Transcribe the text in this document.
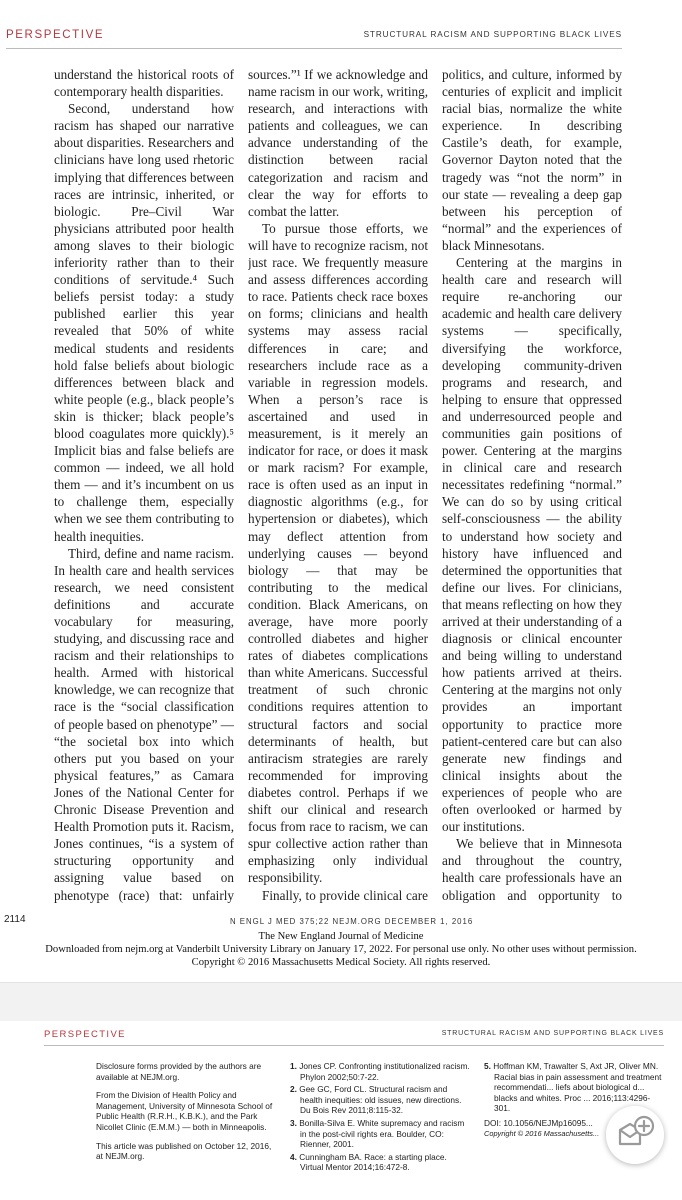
PERSPECTIVE	STRUCTURAL RACISM AND SUPPORTING BLACK LIVES

understand the historical roots of contemporary health disparities.

Second, understand how racism has shaped our narrative about disparities. Researchers and clinicians have long used rhetoric implying that differences between races are intrinsic, inherited, or biologic. Pre–Civil War physicians attributed poor health among slaves to their biologic inferiority rather than to their conditions of servitude.⁴ Such beliefs persist today: a study published earlier this year revealed that 50% of white medical students and residents hold false beliefs about biologic differences between black and white people (e.g., black people’s skin is thicker; black people’s blood coagulates more quickly).⁵ Implicit bias and false beliefs are common — indeed, we all hold them — and it’s incumbent on us to challenge them, especially when we see them contributing to health inequities.

Third, define and name racism. In health care and health services research, we need consistent definitions and accurate vocabulary for measuring, studying, and discussing race and racism and their relationships to health. Armed with historical knowledge, we can recognize that race is the “social classification of people based on phenotype” — “the societal box into which others put you based on your physical features,” as Camara Jones of the National Center for Chronic Disease Prevention and Health Promotion puts it. Racism, Jones continues, “is a system of structuring opportunity and assigning value based on phenotype (race) that: unfairly

sources.”¹ If we acknowledge and name racism in our work, writing, research, and interactions with patients and colleagues, we can advance understanding of the distinction between racial categorization and racism and clear the way for efforts to combat the latter.

To pursue those efforts, we will have to recognize racism, not just race. We frequently measure and assess differences according to race. Patients check race boxes on forms; clinicians and health systems may assess racial differences in care; and researchers include race as a variable in regression models. When a person’s race is ascertained and used in measurement, is it merely an indicator for race, or does it mask or mark racism? For example, race is often used as an input in diagnostic algorithms (e.g., for hypertension or diabetes), which may deflect attention from underlying causes — beyond biology — that may be contributing to the medical condition. Black Americans, on average, have more poorly controlled diabetes and higher rates of diabetes complications than white Americans. Successful treatment of such chronic conditions requires attention to structural factors and social determinants of health, but antiracism strategies are rarely recommended for improving diabetes control. Perhaps if we shift our clinical and research focus from race to racism, we can spur collective action rather than emphasizing only individual responsibility.

Finally, to provide clinical care

politics, and culture, informed by centuries of explicit and implicit racial bias, normalize the white experience. In describing Castile’s death, for example, Governor Dayton noted that the tragedy was “not the norm” in our state — revealing a deep gap between his perception of “normal” and the experiences of black Minnesotans.

Centering at the margins in health care and research will require re-anchoring our academic and health care delivery systems — specifically, diversifying the workforce, developing community-driven programs and research, and helping to ensure that oppressed and underresourced people and communities gain positions of power. Centering at the margins in clinical care and research necessitates redefining “normal.” We can do so by using critical self-consciousness — the ability to understand how society and history have influenced and determined the opportunities that define our lives. For clinicians, that means reflecting on how they arrived at their understanding of a diagnosis or clinical encounter and being willing to understand how patients arrived at theirs. Centering at the margins not only provides an important opportunity to practice more patient-centered care but can also generate new findings and clinical insights about the experiences of people who are often overlooked or harmed by our institutions.

We believe that in Minnesota and throughout the country, health care professionals have an obligation and opportunity to

2114	N ENGL J MED 375;22 NEJM.ORG DECEMBER 1, 2016
The New England Journal of Medicine
Downloaded from nejm.org at Vanderbilt University Library on January 17, 2022. For personal use only. No other uses without permission.
Copyright © 2016 Massachusetts Medical Society. All rights reserved.
PERSPECTIVE	STRUCTURAL RACISM AND SUPPORTING BLACK LIVES

Disclosure forms provided by the authors are available at NEJM.org.

From the Division of Health Policy and Management, University of Minnesota School of Public Health (R.R.H., K.B.K.), and the Park Nicollet Clinic (E.M.M.) — both in Minneapolis.

This article was published on October 12, 2016, at NEJM.org.

1. Jones CP. Confronting institutionalized racism. Phylon 2002;50:7-22.
2. Gee GC, Ford CL. Structural racism and health inequities: old issues, new directions. Du Bois Rev 2011;8:115-32.
3. Bonilla-Silva E. White supremacy and racism in the post-civil rights era. Boulder, CO: Rienner, 2001.
4. Cunningham BA. Race: a starting place. Virtual Mentor 2014;16:472-8.
5. Hoffman KM, Trawalter S, Axt JR, Oliver MN. Racial bias in pain assessment and treatment recommendati... liefs about biological d... blacks and whites. Proc ... 2016;113:4296-301.
DOI: 10.1056/NEJMp16095...
Copyright © 2016 Massachusetts...
